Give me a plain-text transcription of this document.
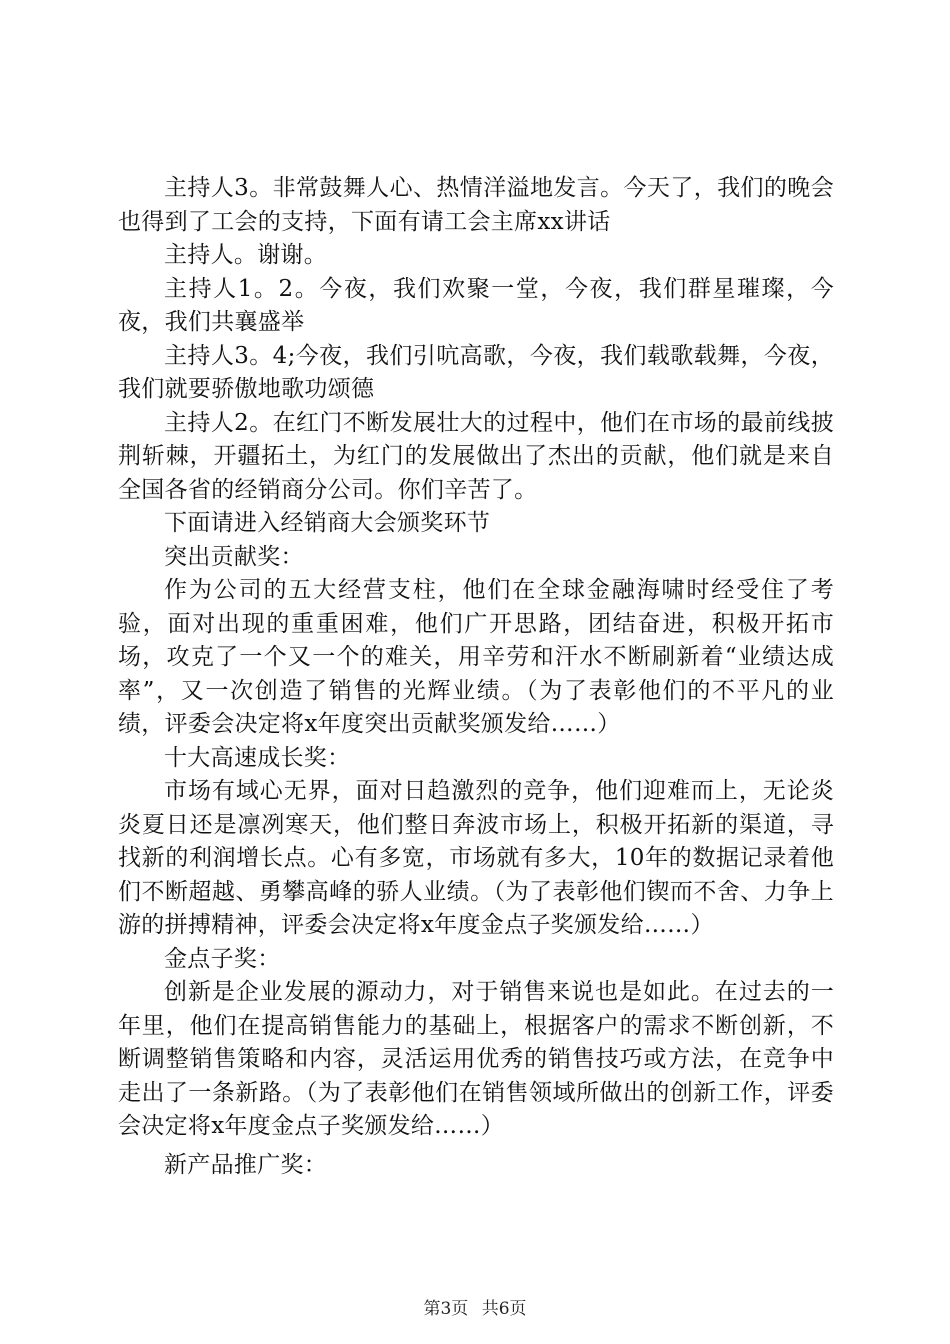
主持人3。非常鼓舞人心、热情洋溢地发言。今天了，我们的晚会也得到了工会的支持，下面有请工会主席xx讲话

主持人。谢谢。

主持人1。2。今夜，我们欢聚一堂，今夜，我们群星璀璨，今夜，我们共襄盛举

主持人3。4;今夜，我们引吭高歌，今夜，我们载歌载舞，今夜，我们就要骄傲地歌功颂德

主持人2。在红门不断发展壮大的过程中，他们在市场的最前线披荆斩棘，开疆拓土，为红门的发展做出了杰出的贡献，他们就是来自全国各省的经销商分公司。你们辛苦了。

下面请进入经销商大会颁奖环节

突出贡献奖：

作为公司的五大经营支柱，他们在全球金融海啸时经受住了考验，面对出现的重重困难，他们广开思路，团结奋进，积极开拓市场，攻克了一个又一个的难关，用辛劳和汗水不断刷新着“业绩达成率”，又一次创造了销售的光辉业绩。（为了表彰他们的不平凡的业绩，评委会决定将x年度突出贡献奖颁发给……）

十大高速成长奖：

市场有域心无界，面对日趋激烈的竞争，他们迎难而上，无论炎炎夏日还是凛冽寒天，他们整日奔波市场上，积极开拓新的渠道，寻找新的利润增长点。心有多宽，市场就有多大，10年的数据记录着他们不断超越、勇攀高峰的骄人业绩。（为了表彰他们锲而不舍、力争上游的拼搏精神，评委会决定将x年度金点子奖颁发给……）

金点子奖：

创新是企业发展的源动力，对于销售来说也是如此。在过去的一年里，他们在提高销售能力的基础上，根据客户的需求不断创新，不断调整销售策略和内容，灵活运用优秀的销售技巧或方法，在竞争中走出了一条新路。（为了表彰他们在销售领域所做出的创新工作，评委会决定将x年度金点子奖颁发给……）

新产品推广奖：

第3页 共6页
